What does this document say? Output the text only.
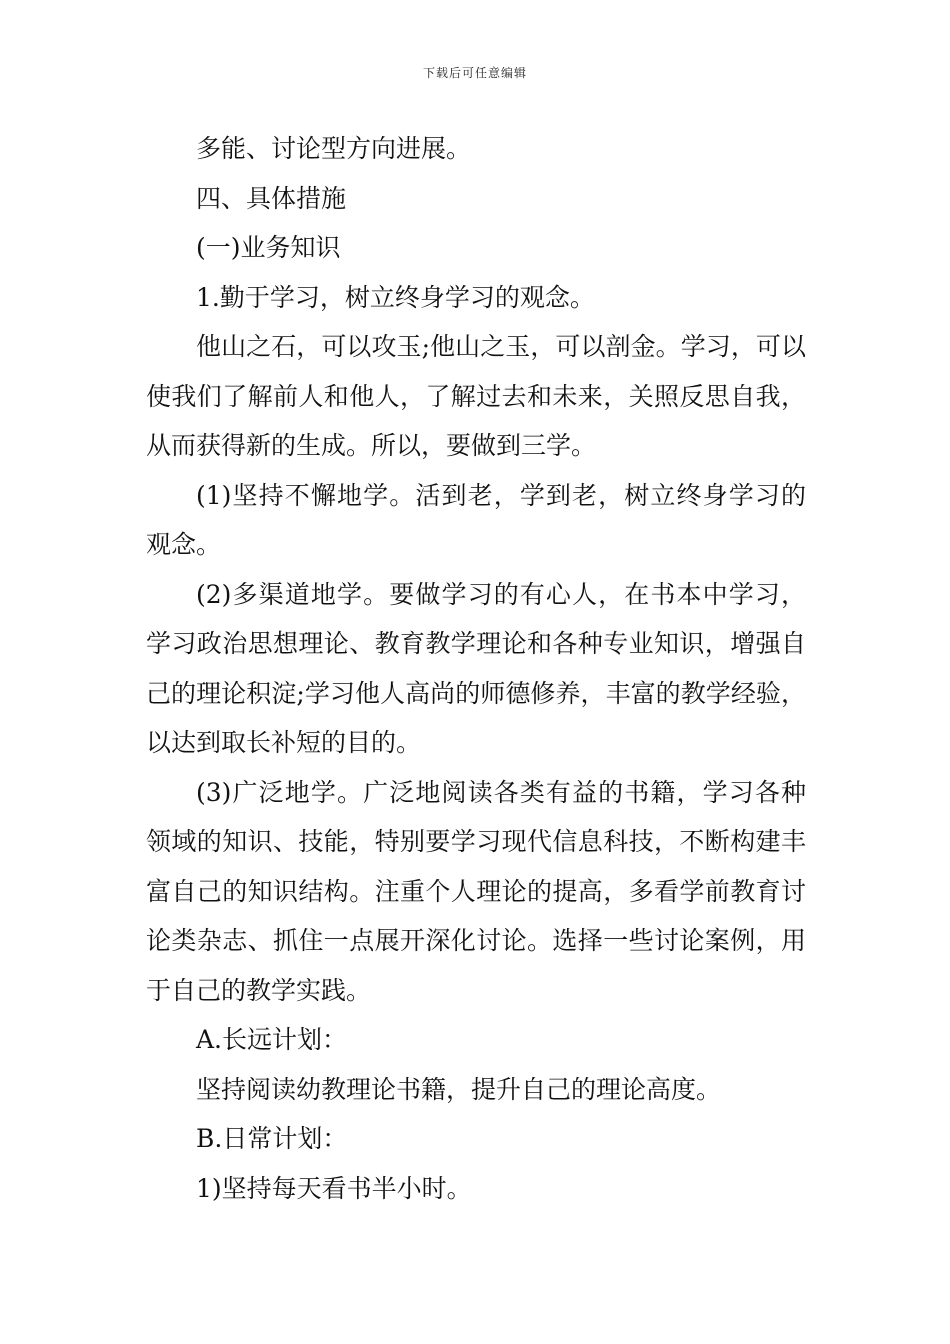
下载后可任意编辑

多能、讨论型方向进展。

四、具体措施

(一)业务知识

1.勤于学习，树立终身学习的观念。

他山之石，可以攻玉;他山之玉，可以剖金。学习，可以使我们了解前人和他人，了解过去和未来，关照反思自我，从而获得新的生成。所以，要做到三学。

(1)坚持不懈地学。活到老，学到老，树立终身学习的观念。

(2)多渠道地学。要做学习的有心人，在书本中学习，学习政治思想理论、教育教学理论和各种专业知识，增强自己的理论积淀;学习他人高尚的师德修养，丰富的教学经验，以达到取长补短的目的。

(3)广泛地学。广泛地阅读各类有益的书籍，学习各种领域的知识、技能，特别要学习现代信息科技，不断构建丰富自己的知识结构。注重个人理论的提高，多看学前教育讨论类杂志、抓住一点展开深化讨论。选择一些讨论案例，用于自己的教学实践。

A.长远计划：

坚持阅读幼教理论书籍，提升自己的理论高度。

B.日常计划：

1)坚持每天看书半小时。
